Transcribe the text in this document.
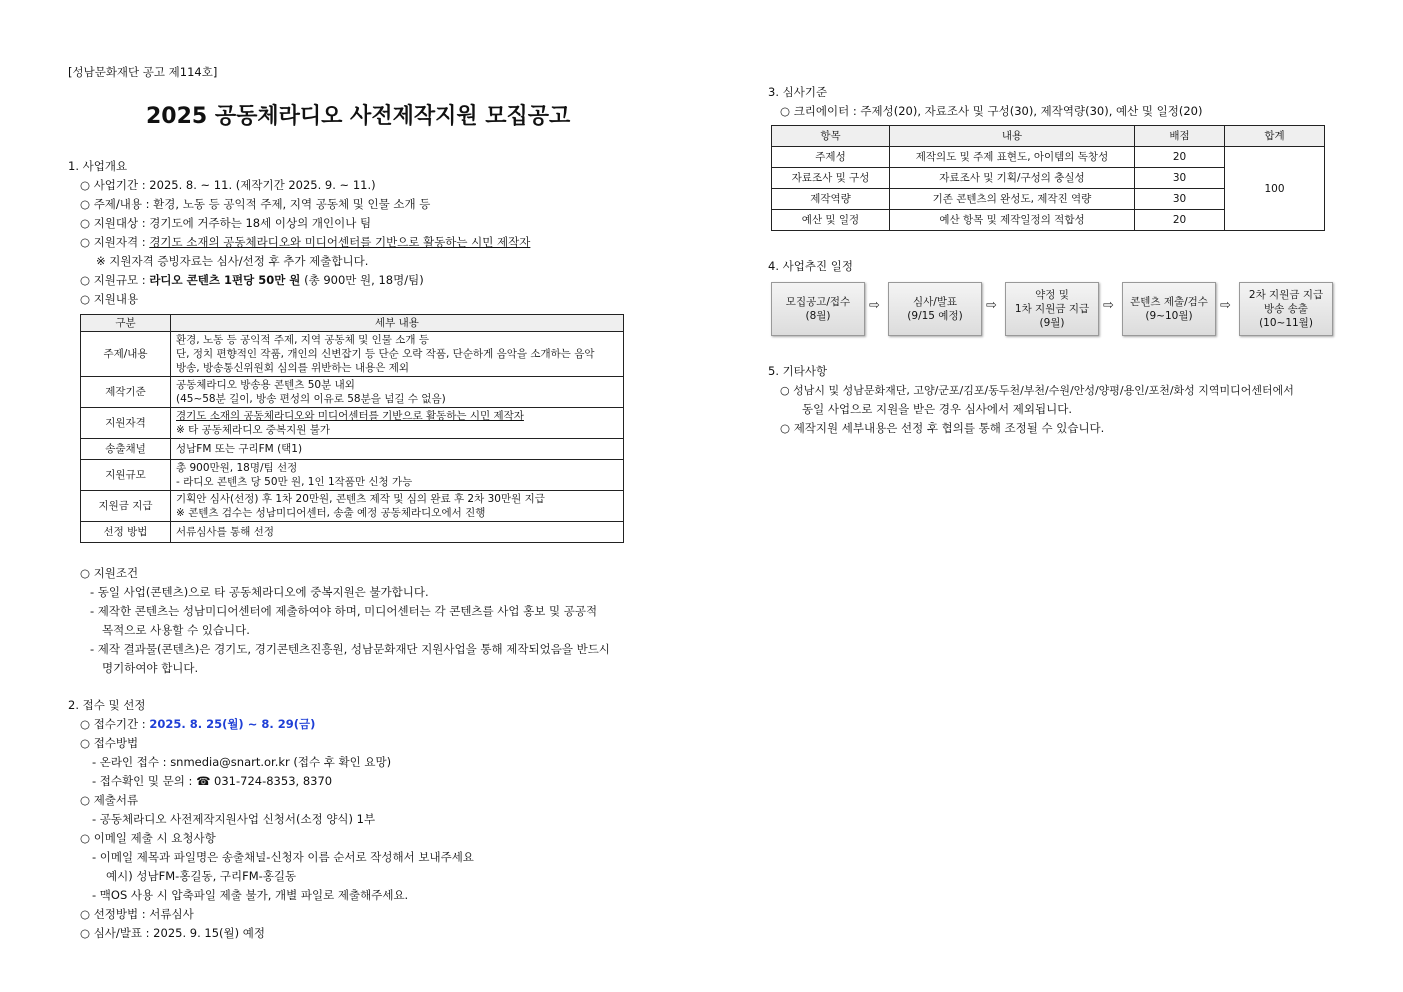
[성남문화재단 공고 제114호]
2025 공동체라디오 사전제작지원 모집공고
1. 사업개요
○ 사업기간 : 2025. 8. ~ 11. (제작기간 2025. 9. ~ 11.)
○ 주제/내용 : 환경, 노동 등 공익적 주제, 지역 공동체 및 인물 소개 등
○ 지원대상 : 경기도에 거주하는 18세 이상의 개인이나 팀
○ 지원자격 : 경기도 소재의 공동체라디오와 미디어센터를 기반으로 활동하는 시민 제작자
※ 지원자격 증빙자료는 심사/선정 후 추가 제출합니다.
○ 지원규모 : 라디오 콘텐츠 1편당 50만 원 (총 900만 원, 18명/팀)
○ 지원내용
구분	세부 내용
주제/내용	환경, 노동 등 공익적 주제, 지역 공동체 및 인물 소개 등
단, 정치 편향적인 작품, 개인의 신변잡기 등 단순 오락 작품, 단순하게 음악을 소개하는 음악
방송, 방송통신위원회 심의를 위반하는 내용은 제외

제작기준	공동체라디오 방송용 콘텐츠 50분 내외
(45~58분 길이, 방송 편성의 이유로 58분을 넘길 수 없음)

지원자격	경기도 소재의 공동체라디오와 미디어센터를 기반으로 활동하는 시민 제작자
※ 타 공동체라디오 중복지원 불가

송출채널	성남FM 또는 구리FM (택1)

지원규모	총 900만원, 18명/팀 선정
- 라디오 콘텐츠 당 50만 원, 1인 1작품만 신청 가능

지원금 지급	기획안 심사(선정) 후 1차 20만원, 콘텐츠 제작 및 심의 완료 후 2차 30만원 지급
※ 콘텐츠 검수는 성남미디어센터, 송출 예정 공동체라디오에서 진행

선정 방법	서류심사를 통해 선정
○ 지원조건
- 동일 사업(콘텐츠)으로 타 공동체라디오에 중복지원은 불가합니다.
- 제작한 콘텐츠는 성남미디어센터에 제출하여야 하며, 미디어센터는 각 콘텐츠를 사업 홍보 및 공공적
목적으로 사용할 수 있습니다.
- 제작 결과물(콘텐츠)은 경기도, 경기콘텐츠진흥원, 성남문화재단 지원사업을 통해 제작되었음을 반드시
명기하여야 합니다.
2. 접수 및 선정
○ 접수기간 : 2025. 8. 25(월) ~ 8. 29(금)
○ 접수방법
- 온라인 접수 : snmedia@snart.or.kr (접수 후 확인 요망)
- 접수확인 및 문의 : ☎ 031-724-8353, 8370
○ 제출서류
- 공동체라디오 사전제작지원사업 신청서(소정 양식) 1부
○ 이메일 제출 시 요청사항
- 이메일 제목과 파일명은 송출채널-신청자 이름 순서로 작성해서 보내주세요
예시) 성남FM-홍길동, 구리FM-홍길동
- 맥OS 사용 시 압축파일 제출 불가, 개별 파일로 제출해주세요.
○ 선정방법 : 서류심사
○ 심사/발표 : 2025. 9. 15(월) 예정
3. 심사기준
○ 크리에이터 : 주제성(20), 자료조사 및 구성(30), 제작역량(30), 예산 및 일정(20)
항목	내용	배점	합계
주제성	제작의도 및 주제 표현도, 아이템의 독창성	20	100
자료조사 및 구성	자료조사 및 기획/구성의 충실성	30	
제작역량	기존 콘텐츠의 완성도, 제작진 역량	30	
예산 및 일정	예산 항목 및 제작일정의 적합성	20	
4. 사업추진 일정
모집공고/접수
(8월)
⇨	심사/발표
(9/15 예정)
⇨
약정 및
1차 지원금 지급
(9월)
⇨ 콘텐츠 제출/검수
(9~10월)
⇨
2차 지원금 지급
방송 송출
(10~11월)
5. 기타사항
○ 성남시 및 성남문화재단, 고양/군포/김포/동두천/부천/수원/안성/양평/용인/포천/화성 지역미디어센터에서
동일 사업으로 지원을 받은 경우 심사에서 제외됩니다.
○ 제작지원 세부내용은 선정 후 협의를 통해 조정될 수 있습니다.
